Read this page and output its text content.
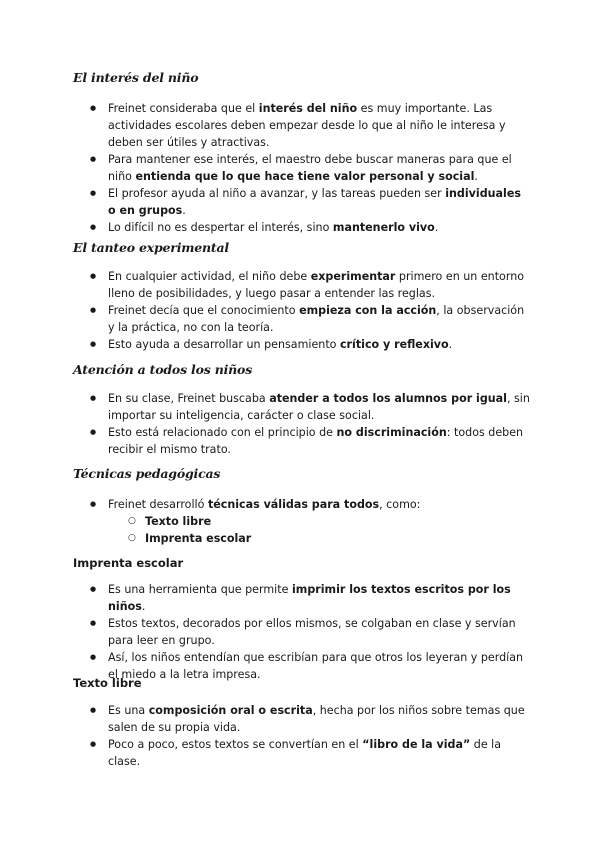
El interés del niño
● Freinet consideraba que el interés del niño es muy importante. Las actividades escolares deben empezar desde lo que al niño le interesa y deben ser útiles y atractivas.
● Para mantener ese interés, el maestro debe buscar maneras para que el niño entienda que lo que hace tiene valor personal y social.
● El profesor ayuda al niño a avanzar, y las tareas pueden ser individuales o en grupos.
● Lo difícil no es despertar el interés, sino mantenerlo vivo.
El tanteo experimental
● En cualquier actividad, el niño debe experimentar primero en un entorno lleno de posibilidades, y luego pasar a entender las reglas.
● Freinet decía que el conocimiento empieza con la acción, la observación y la práctica, no con la teoría.
● Esto ayuda a desarrollar un pensamiento crítico y reflexivo.
Atención a todos los niños
● En su clase, Freinet buscaba atender a todos los alumnos por igual, sin importar su inteligencia, carácter o clase social.
● Esto está relacionado con el principio de no discriminación: todos deben recibir el mismo trato.
Técnicas pedagógicas
● Freinet desarrolló técnicas válidas para todos, como:
○ Texto libre
○ Imprenta escolar
Imprenta escolar
● Es una herramienta que permite imprimir los textos escritos por los niños.
● Estos textos, decorados por ellos mismos, se colgaban en clase y servían para leer en grupo.
● Así, los niños entendían que escribían para que otros los leyeran y perdían el miedo a la letra impresa.
Texto libre
● Es una composición oral o escrita, hecha por los niños sobre temas que salen de su propia vida.
● Poco a poco, estos textos se convertían en el “libro de la vida” de la clase.
